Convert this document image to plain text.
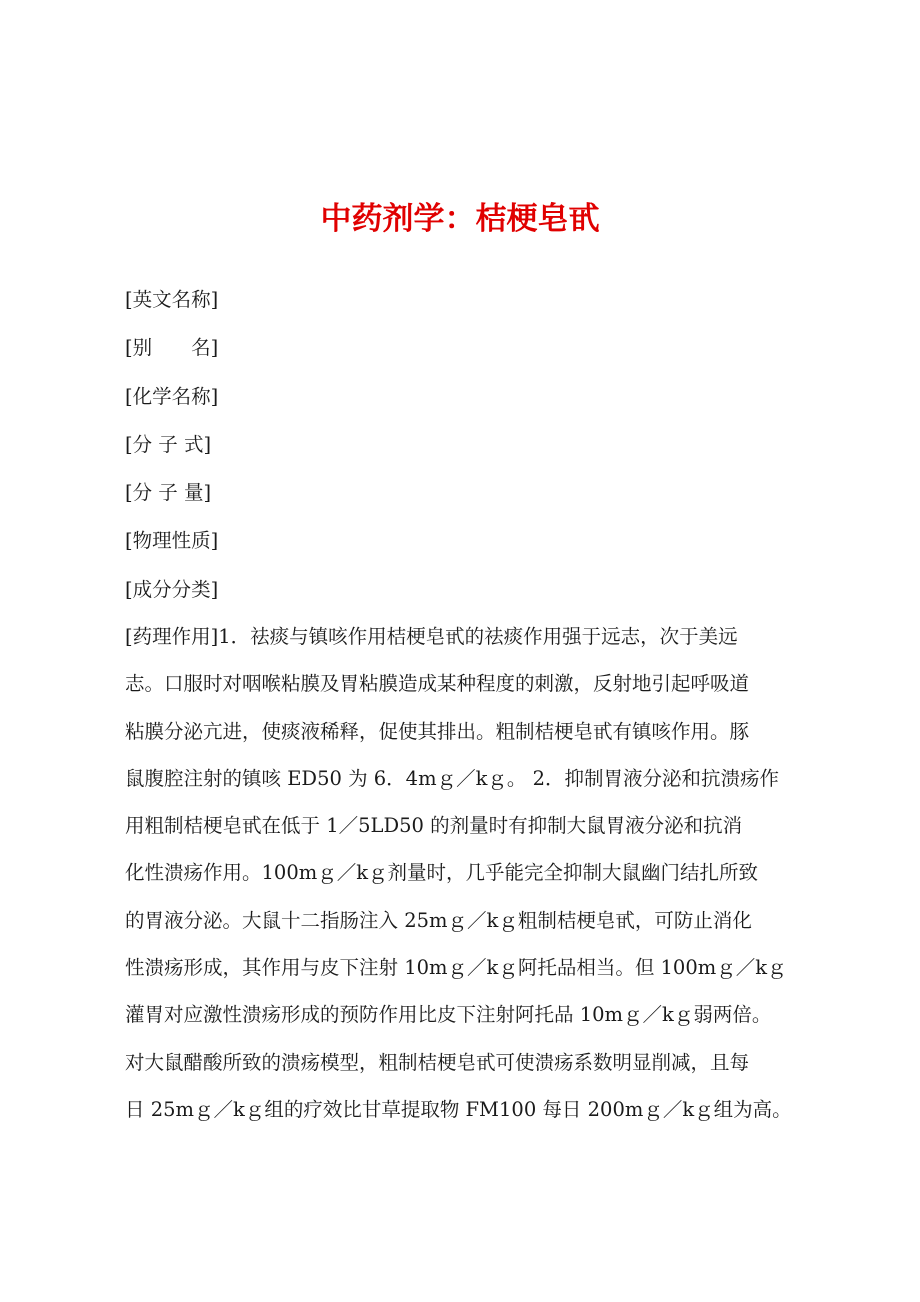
中药剂学：桔梗皂甙
[英文名称]
[别　　名]
[化学名称]
[分 子 式]
[分 子 量]
[物理性质]
[成分分类]

[药理作用]1．祛痰与镇咳作用桔梗皂甙的祛痰作用强于远志，次于美远
志。口服时对咽喉粘膜及胃粘膜造成某种程度的刺激，反射地引起呼吸道
粘膜分泌亢进，使痰液稀释，促使其排出。粗制桔梗皂甙有镇咳作用。豚
鼠腹腔注射的镇咳 ED50 为 6．4mｇ／kｇ。 2．抑制胃液分泌和抗溃疡作
用粗制桔梗皂甙在低于 1／5LD50 的剂量时有抑制大鼠胃液分泌和抗消
化性溃疡作用。100mｇ／kｇ剂量时，几乎能完全抑制大鼠幽门结扎所致
的胃液分泌。大鼠十二指肠注入 25mｇ／kｇ粗制桔梗皂甙，可防止消化
性溃疡形成，其作用与皮下注射 10mｇ／kｇ阿托品相当。但 100mｇ／kｇ
灌胃对应激性溃疡形成的预防作用比皮下注射阿托品 10mｇ／kｇ弱两倍。
对大鼠醋酸所致的溃疡模型，粗制桔梗皂甙可使溃疡系数明显削减，且每
日 25mｇ／kｇ组的疗效比甘草提取物 FM100 每日 200mｇ／kｇ组为高。
